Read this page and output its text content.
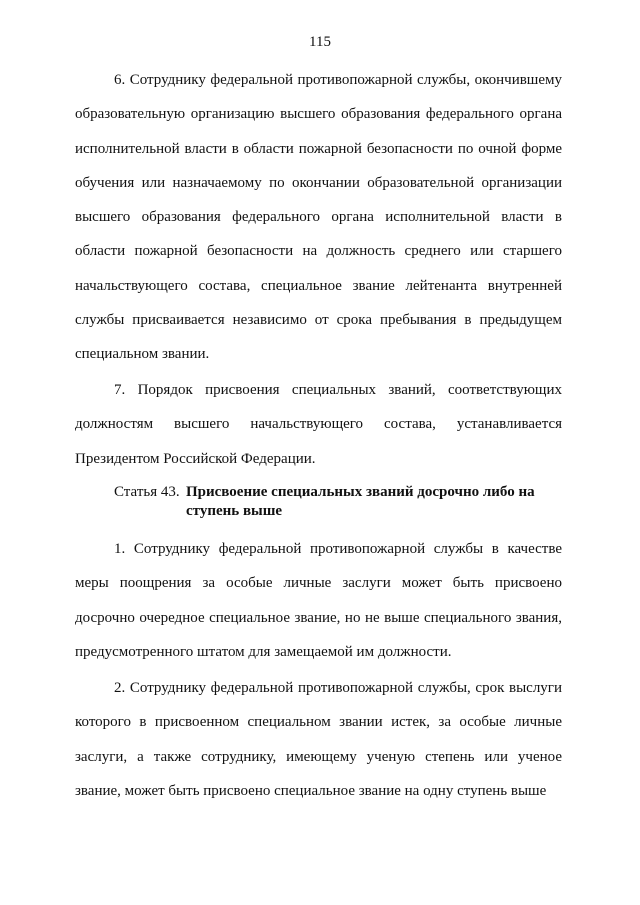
115

6. Сотруднику федеральной противопожарной службы, окончившему образовательную организацию высшего образования федерального органа исполнительной власти в области пожарной безопасности по очной форме обучения или назначаемому по окончании образовательной организации высшего образования федерального органа исполнительной власти в области пожарной безопасности на должность среднего или старшего начальствующего состава, специальное звание лейтенанта внутренней службы присваивается независимо от срока пребывания в предыдущем специальном звании.

7. Порядок присвоения специальных званий, соответствующих должностям высшего начальствующего состава, устанавливается Президентом Российской Федерации.

Статья 43. Присвоение специальных званий досрочно либо на ступень выше

1. Сотруднику федеральной противопожарной службы в качестве меры поощрения за особые личные заслуги может быть присвоено досрочно очередное специальное звание, но не выше специального звания, предусмотренного штатом для замещаемой им должности.

2. Сотруднику федеральной противопожарной службы, срок выслуги которого в присвоенном специальном звании истек, за особые личные заслуги, а также сотруднику, имеющему ученую степень или ученое звание, может быть присвоено специальное звание на одну ступень выше
